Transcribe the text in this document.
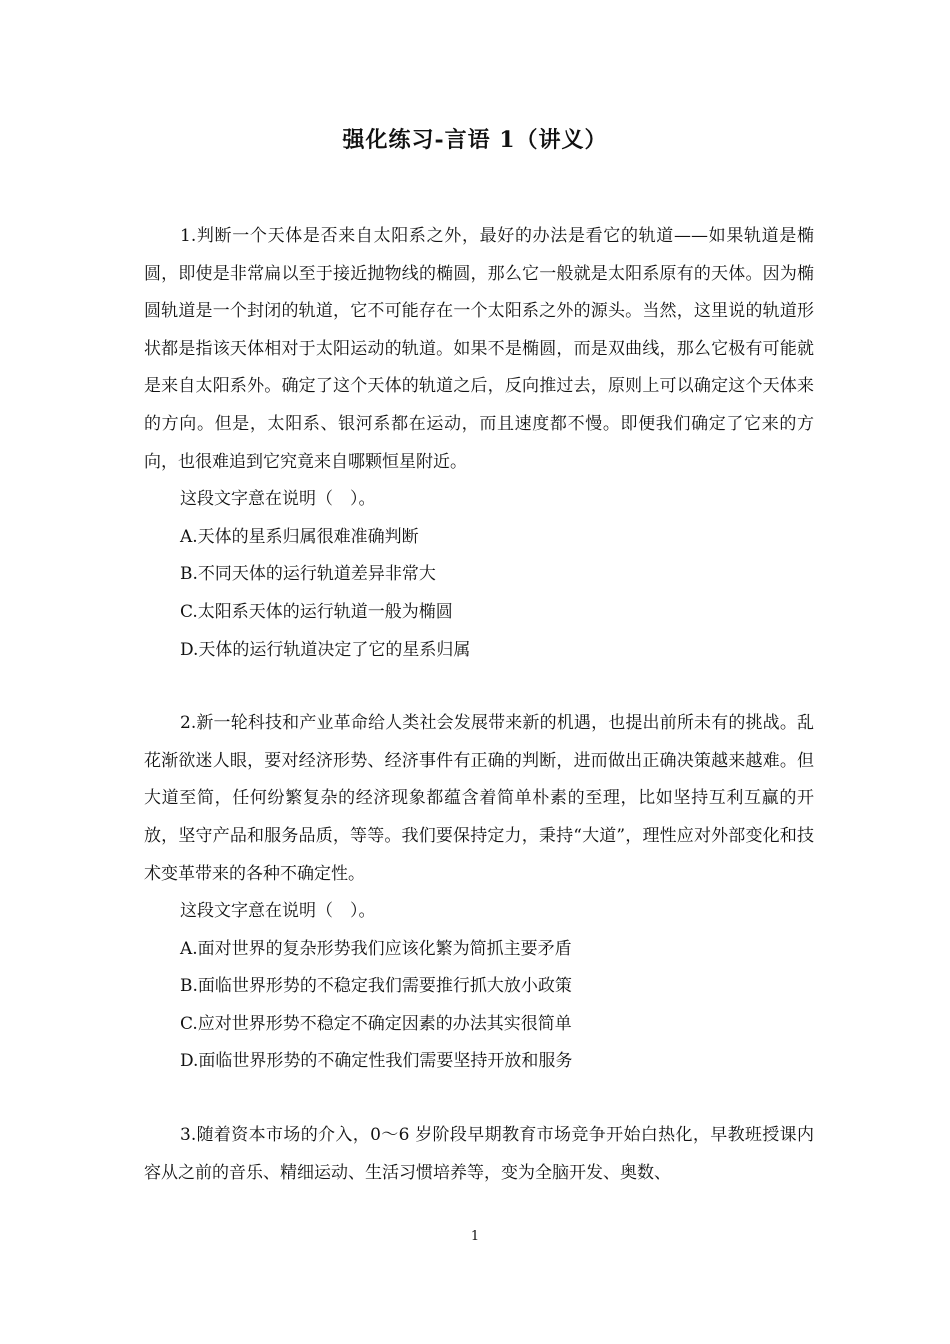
强化练习-言语 1（讲义）

1.判断一个天体是否来自太阳系之外，最好的办法是看它的轨道——如果轨道是椭圆，即使是非常扁以至于接近抛物线的椭圆，那么它一般就是太阳系原有的天体。因为椭圆轨道是一个封闭的轨道，它不可能存在一个太阳系之外的源头。当然，这里说的轨道形状都是指该天体相对于太阳运动的轨道。如果不是椭圆，而是双曲线，那么它极有可能就是来自太阳系外。确定了这个天体的轨道之后，反向推过去，原则上可以确定这个天体来的方向。但是，太阳系、银河系都在运动，而且速度都不慢。即便我们确定了它来的方向，也很难追到它究竟来自哪颗恒星附近。

这段文字意在说明（　）。

A.天体的星系归属很难准确判断

B.不同天体的运行轨道差异非常大

C.太阳系天体的运行轨道一般为椭圆

D.天体的运行轨道决定了它的星系归属

2.新一轮科技和产业革命给人类社会发展带来新的机遇，也提出前所未有的挑战。乱花渐欲迷人眼，要对经济形势、经济事件有正确的判断，进而做出正确决策越来越难。但大道至简，任何纷繁复杂的经济现象都蕴含着简单朴素的至理，比如坚持互利互赢的开放，坚守产品和服务品质，等等。我们要保持定力，秉持“大道”，理性应对外部变化和技术变革带来的各种不确定性。

这段文字意在说明（　）。

A.面对世界的复杂形势我们应该化繁为简抓主要矛盾

B.面临世界形势的不稳定我们需要推行抓大放小政策

C.应对世界形势不稳定不确定因素的办法其实很简单

D.面临世界形势的不确定性我们需要坚持开放和服务

3.随着资本市场的介入，0～6 岁阶段早期教育市场竞争开始白热化，早教班授课内容从之前的音乐、精细运动、生活习惯培养等，变为全脑开发、奥数、

1
